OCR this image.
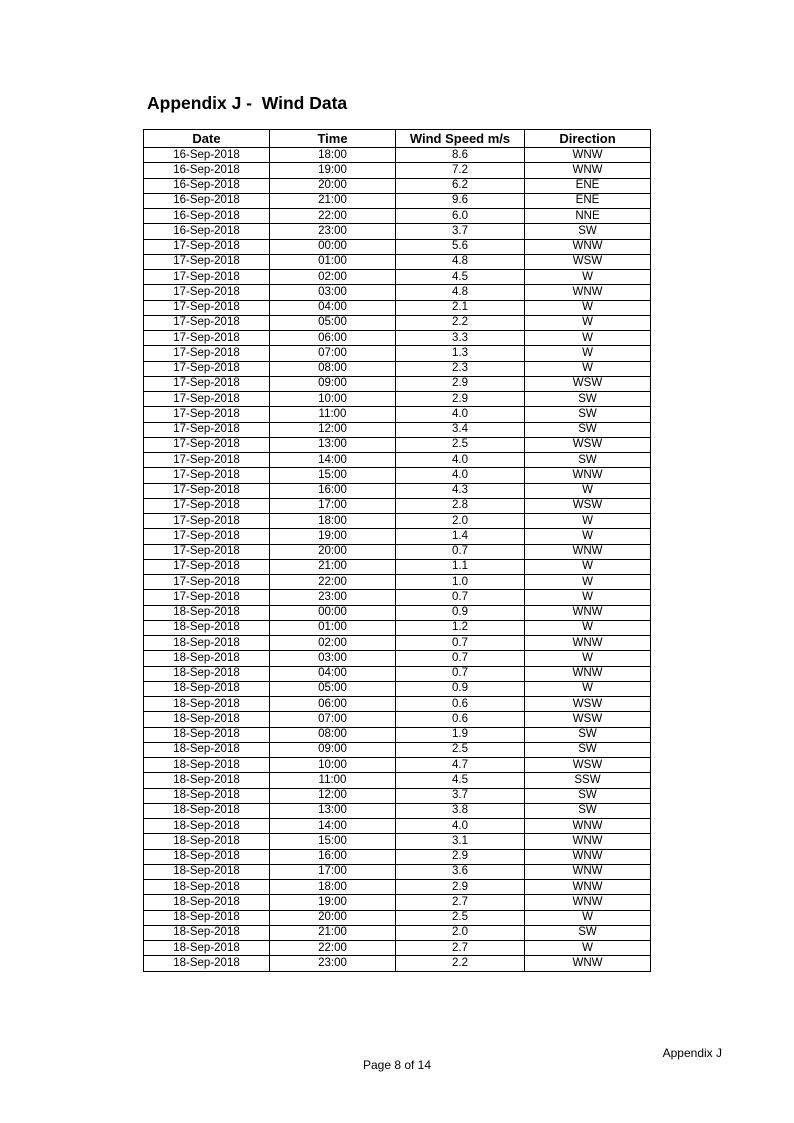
Appendix J -  Wind Data
Date	Time	Wind Speed m/s	Direction
16-Sep-2018	18:00	8.6	WNW
16-Sep-2018	19:00	7.2	WNW
16-Sep-2018	20:00	6.2	ENE
16-Sep-2018	21:00	9.6	ENE
16-Sep-2018	22:00	6.0	NNE
16-Sep-2018	23:00	3.7	SW
17-Sep-2018	00:00	5.6	WNW
17-Sep-2018	01:00	4.8	WSW
17-Sep-2018	02:00	4.5	W
17-Sep-2018	03:00	4.8	WNW
17-Sep-2018	04:00	2.1	W
17-Sep-2018	05:00	2.2	W
17-Sep-2018	06:00	3.3	W
17-Sep-2018	07:00	1.3	W
17-Sep-2018	08:00	2.3	W
17-Sep-2018	09:00	2.9	WSW
17-Sep-2018	10:00	2.9	SW
17-Sep-2018	11:00	4.0	SW
17-Sep-2018	12:00	3.4	SW
17-Sep-2018	13:00	2.5	WSW
17-Sep-2018	14:00	4.0	SW
17-Sep-2018	15:00	4.0	WNW
17-Sep-2018	16:00	4.3	W
17-Sep-2018	17:00	2.8	WSW
17-Sep-2018	18:00	2.0	W
17-Sep-2018	19:00	1.4	W
17-Sep-2018	20:00	0.7	WNW
17-Sep-2018	21:00	1.1	W
17-Sep-2018	22:00	1.0	W
17-Sep-2018	23:00	0.7	W
18-Sep-2018	00:00	0.9	WNW
18-Sep-2018	01:00	1.2	W
18-Sep-2018	02:00	0.7	WNW
18-Sep-2018	03:00	0.7	W
18-Sep-2018	04:00	0.7	WNW
18-Sep-2018	05:00	0.9	W
18-Sep-2018	06:00	0.6	WSW
18-Sep-2018	07:00	0.6	WSW
18-Sep-2018	08:00	1.9	SW
18-Sep-2018	09:00	2.5	SW
18-Sep-2018	10:00	4.7	WSW
18-Sep-2018	11:00	4.5	SSW
18-Sep-2018	12:00	3.7	SW
18-Sep-2018	13:00	3.8	SW
18-Sep-2018	14:00	4.0	WNW
18-Sep-2018	15:00	3.1	WNW
18-Sep-2018	16:00	2.9	WNW
18-Sep-2018	17:00	3.6	WNW
18-Sep-2018	18:00	2.9	WNW
18-Sep-2018	19:00	2.7	WNW
18-Sep-2018	20:00	2.5	W
18-Sep-2018	21:00	2.0	SW
18-Sep-2018	22:00	2.7	W
18-Sep-2018	23:00	2.2	WNW
Appendix J
Page 8 of 14
